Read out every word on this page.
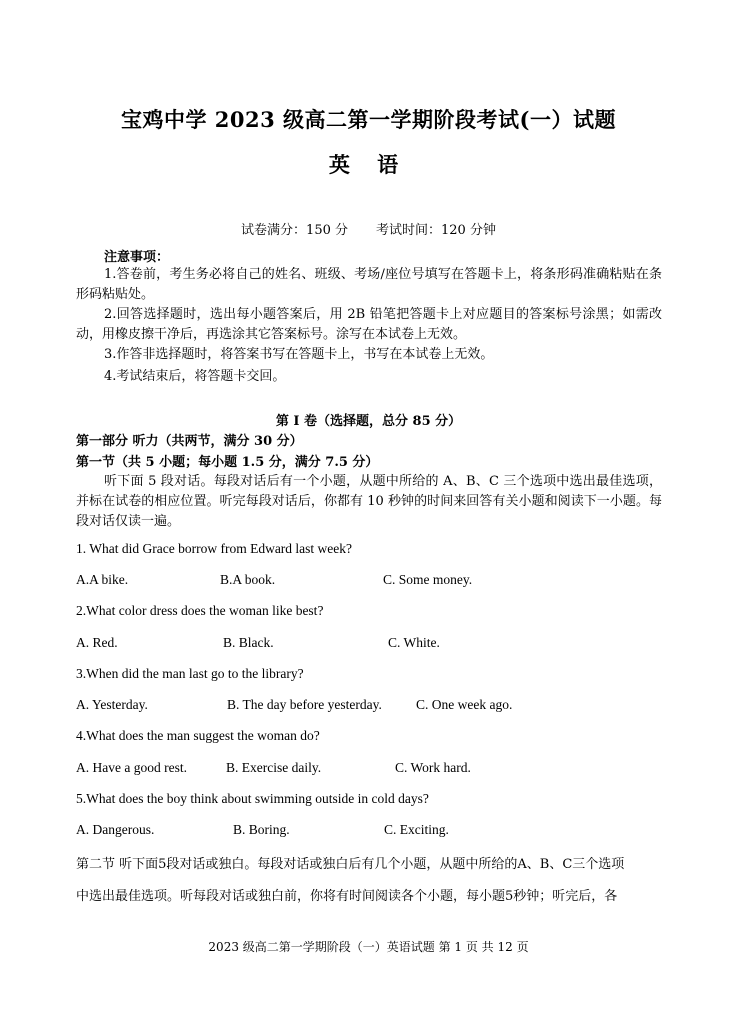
宝鸡中学 2023 级高二第一学期阶段考试(一）试题
英 语
试卷满分：150 分 考试时间：120 分钟
注意事项：
1.答卷前，考生务必将自己的姓名、班级、考场/座位号填写在答题卡上，将条形码准确粘贴在条形码粘贴处。
2.回答选择题时，选出每小题答案后，用 2B 铅笔把答题卡上对应题目的答案标号涂黑；如需改动，用橡皮擦干净后，再选涂其它答案标号。涂写在本试卷上无效。
3.作答非选择题时，将答案书写在答题卡上，书写在本试卷上无效。
4.考试结束后，将答题卡交回。
第 I 卷（选择题，总分 85 分）
第一部分 听力（共两节，满分 30 分）
第一节（共 5 小题；每小题 1.5 分，满分 7.5 分）
听下面 5 段对话。每段对话后有一个小题，从题中所给的 A、B、C 三个选项中选出最佳选项，并标在试卷的相应位置。听完每段对话后，你都有 10 秒钟的时间来回答有关小题和阅读下一小题。每段对话仅读一遍。
1. What did Grace borrow from Edward last week?
A.A bike.	B.A book.	C. Some money.
2.What color dress does the woman like best?
A. Red.	B. Black.	C. White.
3.When did the man last go to the library?
A. Yesterday.	B. The day before yesterday.	C. One week ago.
4.What does the man suggest the woman do?
A. Have a good rest.	B. Exercise daily.	C. Work hard.
5.What does the boy think about swimming outside in cold days?
A. Dangerous.	B. Boring.	C. Exciting.
第二节 听下面5段对话或独白。每段对话或独白后有几个小题，从题中所给的A、B、C三个选项
中选出最佳选项。听每段对话或独白前，你将有时间阅读各个小题，每小题5秒钟；听完后，各
2023 级高二第一学期阶段（一）英语试题 第 1 页 共 12 页
